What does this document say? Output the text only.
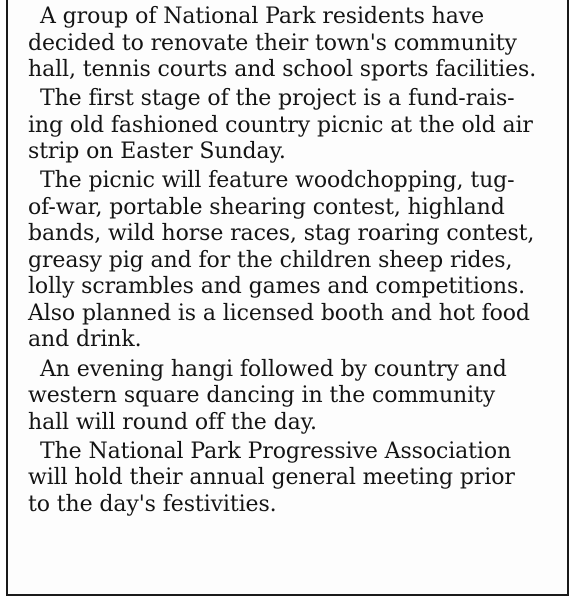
A group of National Park residents have
decided to renovate their town's community
hall, tennis courts and school sports facilities.

The first stage of the project is a fund-rais-
ing old fashioned country picnic at the old air
strip on Easter Sunday.

The picnic will feature woodchopping, tug-
of-war, portable shearing contest, highland
bands, wild horse races, stag roaring contest,
greasy pig and for the children sheep rides,
lolly scrambles and games and competitions.
Also planned is a licensed booth and hot food
and drink.

An evening hangi followed by country and
western square dancing in the community
hall will round off the day.

The National Park Progressive Association
will hold their annual general meeting prior
to the day's festivities.
